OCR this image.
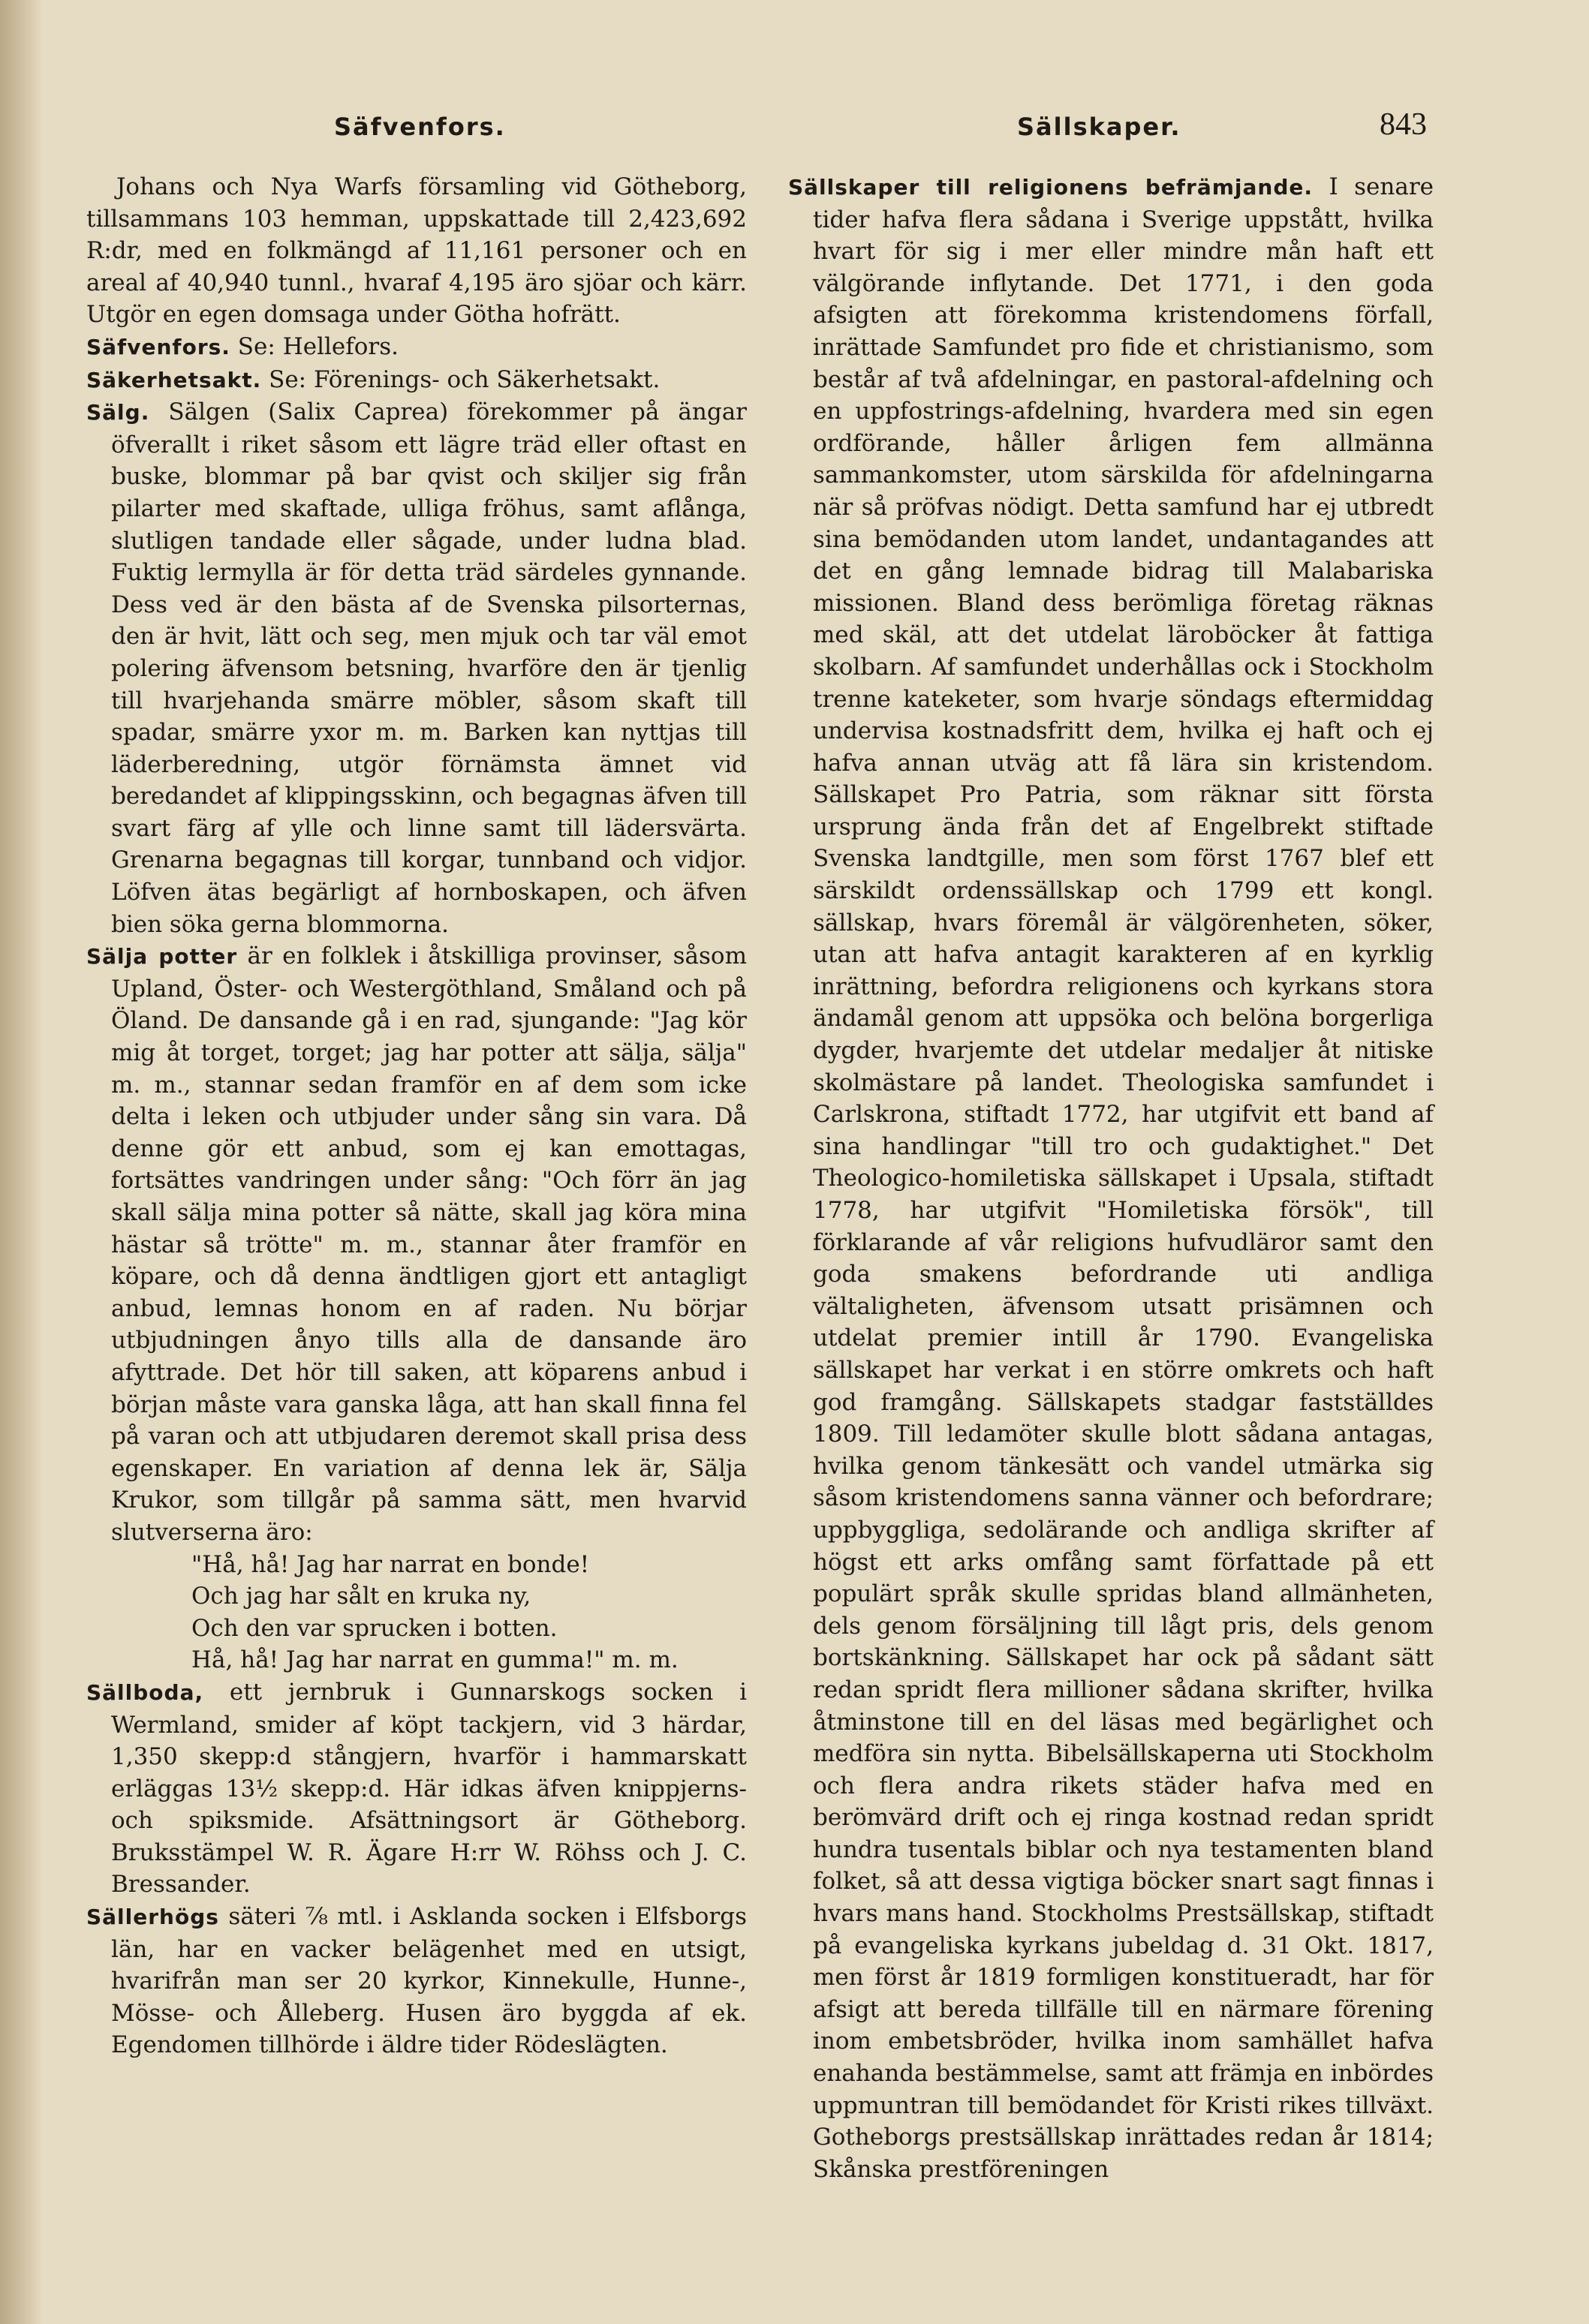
Säfvenfors.	Sällskaper.	843

Johans och Nya Warfs församling vid Götheborg, tillsammans 103 hemman, uppskattade till 2,423,692 R:dr, med en folkmängd af 11,161 personer och en areal af 40,940 tunnl., hvaraf 4,195 äro sjöar och kärr. Utgör en egen domsaga under Götha hofrätt.

Säfvenfors. Se: Hellefors.

Säkerhetsakt. Se: Förenings- och Säkerhetsakt.

Sälg. Sälgen (Salix Caprea) förekommer på ängar öfverallt i riket såsom ett lägre träd eller oftast en buske, blommar på bar qvist och skiljer sig från pilarter med skaftade, ulliga fröhus, samt aflånga, slutligen tandade eller sågade, under ludna blad. Fuktig lermylla är för detta träd särdeles gynnande. Dess ved är den bästa af de Svenska pilsorternas, den är hvit, lätt och seg, men mjuk och tar väl emot polering äfvensom betsning, hvarföre den är tjenlig till hvarjehanda smärre möbler, såsom skaft till spadar, smärre yxor m. m. Barken kan nyttjas till läderberedning, utgör förnämsta ämnet vid beredandet af klippingsskinn, och begagnas äfven till svart färg af ylle och linne samt till lädersvärta. Grenarna begagnas till korgar, tunnband och vidjor. Löfven ätas begärligt af hornboskapen, och äfven bien söka gerna blommorna.

Sälja potter är en folklek i åtskilliga provinser, såsom Upland, Öster- och Westergöthland, Småland och på Öland. De dansande gå i en rad, sjungande: "Jag kör mig åt torget, torget; jag har potter att sälja, sälja" m. m., stannar sedan framför en af dem som icke delta i leken och utbjuder under sång sin vara. Då denne gör ett anbud, som ej kan emottagas, fortsättes vandringen under sång: "Och förr än jag skall sälja mina potter så nätte, skall jag köra mina hästar så trötte" m. m., stannar åter framför en köpare, och då denna ändtligen gjort ett antagligt anbud, lemnas honom en af raden. Nu börjar utbjudningen ånyo tills alla de dansande äro afyttrade. Det hör till saken, att köparens anbud i början måste vara ganska låga, att han skall finna fel på varan och att utbjudaren deremot skall prisa dess egenskaper. En variation af denna lek är, Sälja Krukor, som tillgår på samma sätt, men hvarvid slutverserna äro:

"Hå, hå! Jag har narrat en bonde!
Och jag har sålt en kruka ny,
Och den var sprucken i botten.
Hå, hå! Jag har narrat en gumma!" m. m.

Sällboda, ett jernbruk i Gunnarskogs socken i Wermland, smider af köpt tackjern, vid 3 härdar, 1,350 skepp:d stångjern, hvarför i hammarskatt erläggas 13½ skepp:d. Här idkas äfven knippjerns- och spiksmide. Afsättningsort är Götheborg. Bruksstämpel W. R. Ägare H:rr W. Röhss och J. C. Bressander.

Sällerhögs säteri ⅞ mtl. i Asklanda socken i Elfsborgs län, har en vacker belägenhet med en utsigt, hvarifrån man ser 20 kyrkor, Kinnekulle, Hunne-, Mösse- och Ålleberg. Husen äro byggda af ek. Egendomen tillhörde i äldre tider Rödeslägten.

Sällskaper till religionens befrämjande. I senare tider hafva flera sådana i Sverige uppstått, hvilka hvart för sig i mer eller mindre mån haft ett välgörande inflytande. Det 1771, i den goda afsigten att förekomma kristendomens förfall, inrättade Samfundet pro fide et christianismo, som består af två afdelningar, en pastoral-afdelning och en uppfostrings-afdelning, hvardera med sin egen ordförande, håller årligen fem allmänna sammankomster, utom särskilda för afdelningarna när så pröfvas nödigt. Detta samfund har ej utbredt sina bemödanden utom landet, undantagandes att det en gång lemnade bidrag till Malabariska missionen. Bland dess berömliga företag räknas med skäl, att det utdelat läroböcker åt fattiga skolbarn. Af samfundet underhållas ock i Stockholm trenne kateketer, som hvarje söndags eftermiddag undervisa kostnadsfritt dem, hvilka ej haft och ej hafva annan utväg att få lära sin kristendom. Sällskapet Pro Patria, som räknar sitt första ursprung ända från det af Engelbrekt stiftade Svenska landtgille, men som först 1767 blef ett särskildt ordenssällskap och 1799 ett kongl. sällskap, hvars föremål är välgörenheten, söker, utan att hafva antagit karakteren af en kyrklig inrättning, befordra religionens och kyrkans stora ändamål genom att uppsöka och belöna borgerliga dygder, hvarjemte det utdelar medaljer åt nitiske skolmästare på landet. Theologiska samfundet i Carlskrona, stiftadt 1772, har utgifvit ett band af sina handlingar "till tro och gudaktighet." Det Theologico-homiletiska sällskapet i Upsala, stiftadt 1778, har utgifvit "Homiletiska försök", till förklarande af vår religions hufvudläror samt den goda smakens befordrande uti andliga vältaligheten, äfvensom utsatt prisämnen och utdelat premier intill år 1790. Evangeliska sällskapet har verkat i en större omkrets och haft god framgång. Sällskapets stadgar fastställdes 1809. Till ledamöter skulle blott sådana antagas, hvilka genom tänkesätt och vandel utmärka sig såsom kristendomens sanna vänner och befordrare; uppbyggliga, sedolärande och andliga skrifter af högst ett arks omfång samt författade på ett populärt språk skulle spridas bland allmänheten, dels genom försäljning till lågt pris, dels genom bortskänkning. Sällskapet har ock på sådant sätt redan spridt flera millioner sådana skrifter, hvilka åtminstone till en del läsas med begärlighet och medföra sin nytta. Bibelsällskaperna uti Stockholm och flera andra rikets städer hafva med en berömvärd drift och ej ringa kostnad redan spridt hundra tusentals biblar och nya testamenten bland folket, så att dessa vigtiga böcker snart sagt finnas i hvars mans hand. Stockholms Prestsällskap, stiftadt på evangeliska kyrkans jubeldag d. 31 Okt. 1817, men först år 1819 formligen konstitueradt, har för afsigt att bereda tillfälle till en närmare förening inom embetsbröder, hvilka inom samhället hafva enahanda bestämmelse, samt att främja en inbördes uppmuntran till bemödandet för Kristi rikes tillväxt. Gotheborgs prestsällskap inrättades redan år 1814; Skånska prestföreningen
